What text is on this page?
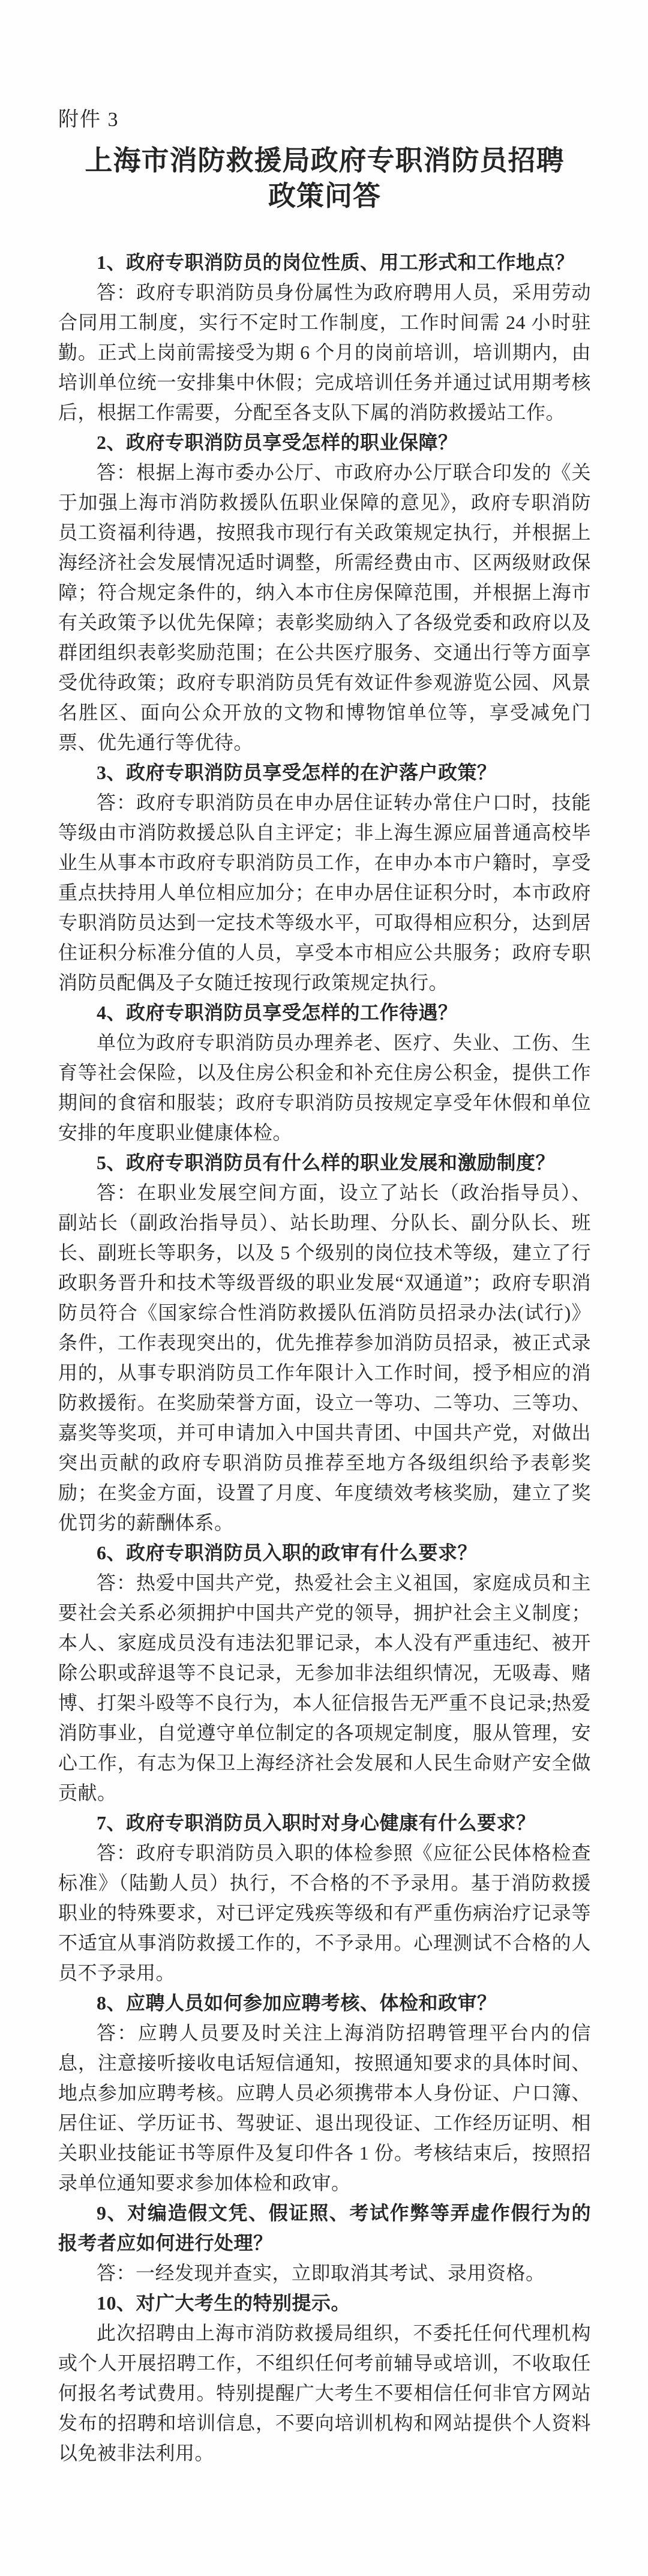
附件 3
上海市消防救援局政府专职消防员招聘
政策问答

1、政府专职消防员的岗位性质、用工形式和工作地点？

答：政府专职消防员身份属性为政府聘用人员，采用劳动合同用工制度，实行不定时工作制度，工作时间需 24 小时驻勤。正式上岗前需接受为期 6 个月的岗前培训，培训期内，由培训单位统一安排集中休假；完成培训任务并通过试用期考核后，根据工作需要，分配至各支队下属的消防救援站工作。

2、政府专职消防员享受怎样的职业保障？

答：根据上海市委办公厅、市政府办公厅联合印发的《关于加强上海市消防救援队伍职业保障的意见》，政府专职消防员工资福利待遇，按照我市现行有关政策规定执行，并根据上海经济社会发展情况适时调整，所需经费由市、区两级财政保障；符合规定条件的，纳入本市住房保障范围，并根据上海市有关政策予以优先保障；表彰奖励纳入了各级党委和政府以及群团组织表彰奖励范围；在公共医疗服务、交通出行等方面享受优待政策；政府专职消防员凭有效证件参观游览公园、风景名胜区、面向公众开放的文物和博物馆单位等，享受减免门票、优先通行等优待。

3、政府专职消防员享受怎样的在沪落户政策？

答：政府专职消防员在申办居住证转办常住户口时，技能等级由市消防救援总队自主评定；非上海生源应届普通高校毕业生从事本市政府专职消防员工作，在申办本市户籍时，享受重点扶持用人单位相应加分；在申办居住证积分时，本市政府专职消防员达到一定技术等级水平，可取得相应积分，达到居住证积分标准分值的人员，享受本市相应公共服务；政府专职消防员配偶及子女随迁按现行政策规定执行。

4、政府专职消防员享受怎样的工作待遇？

单位为政府专职消防员办理养老、医疗、失业、工伤、生育等社会保险，以及住房公积金和补充住房公积金，提供工作期间的食宿和服装；政府专职消防员按规定享受年休假和单位安排的年度职业健康体检。

5、政府专职消防员有什么样的职业发展和激励制度？

答：在职业发展空间方面，设立了站长（政治指导员）、副站长（副政治指导员）、站长助理、分队长、副分队长、班长、副班长等职务，以及 5 个级别的岗位技术等级，建立了行政职务晋升和技术等级晋级的职业发展“双通道”；政府专职消防员符合《国家综合性消防救援队伍消防员招录办法(试行)》条件，工作表现突出的，优先推荐参加消防员招录，被正式录用的，从事专职消防员工作年限计入工作时间，授予相应的消防救援衔。在奖励荣誉方面，设立一等功、二等功、三等功、嘉奖等奖项，并可申请加入中国共青团、中国共产党，对做出突出贡献的政府专职消防员推荐至地方各级组织给予表彰奖励；在奖金方面，设置了月度、年度绩效考核奖励，建立了奖优罚劣的薪酬体系。

6、政府专职消防员入职的政审有什么要求？

答：热爱中国共产党，热爱社会主义祖国，家庭成员和主要社会关系必须拥护中国共产党的领导，拥护社会主义制度；本人、家庭成员没有违法犯罪记录，本人没有严重违纪、被开除公职或辞退等不良记录，无参加非法组织情况，无吸毒、赌博、打架斗殴等不良行为，本人征信报告无严重不良记录;热爱消防事业，自觉遵守单位制定的各项规定制度，服从管理，安心工作，有志为保卫上海经济社会发展和人民生命财产安全做贡献。

7、政府专职消防员入职时对身心健康有什么要求？

答：政府专职消防员入职的体检参照《应征公民体格检查标准》（陆勤人员）执行，不合格的不予录用。基于消防救援职业的特殊要求，对已评定残疾等级和有严重伤病治疗记录等不适宜从事消防救援工作的，不予录用。心理测试不合格的人员不予录用。

8、应聘人员如何参加应聘考核、体检和政审？

答：应聘人员要及时关注上海消防招聘管理平台内的信息，注意接听接收电话短信通知，按照通知要求的具体时间、地点参加应聘考核。应聘人员必须携带本人身份证、户口簿、居住证、学历证书、驾驶证、退出现役证、工作经历证明、相关职业技能证书等原件及复印件各 1 份。考核结束后，按照招录单位通知要求参加体检和政审。

9、对编造假文凭、假证照、考试作弊等弄虚作假行为的报考者应如何进行处理？

答：一经发现并查实，立即取消其考试、录用资格。

10、对广大考生的特别提示。

此次招聘由上海市消防救援局组织，不委托任何代理机构或个人开展招聘工作，不组织任何考前辅导或培训，不收取任何报名考试费用。特别提醒广大考生不要相信任何非官方网站发布的招聘和培训信息，不要向培训机构和网站提供个人资料以免被非法利用。
